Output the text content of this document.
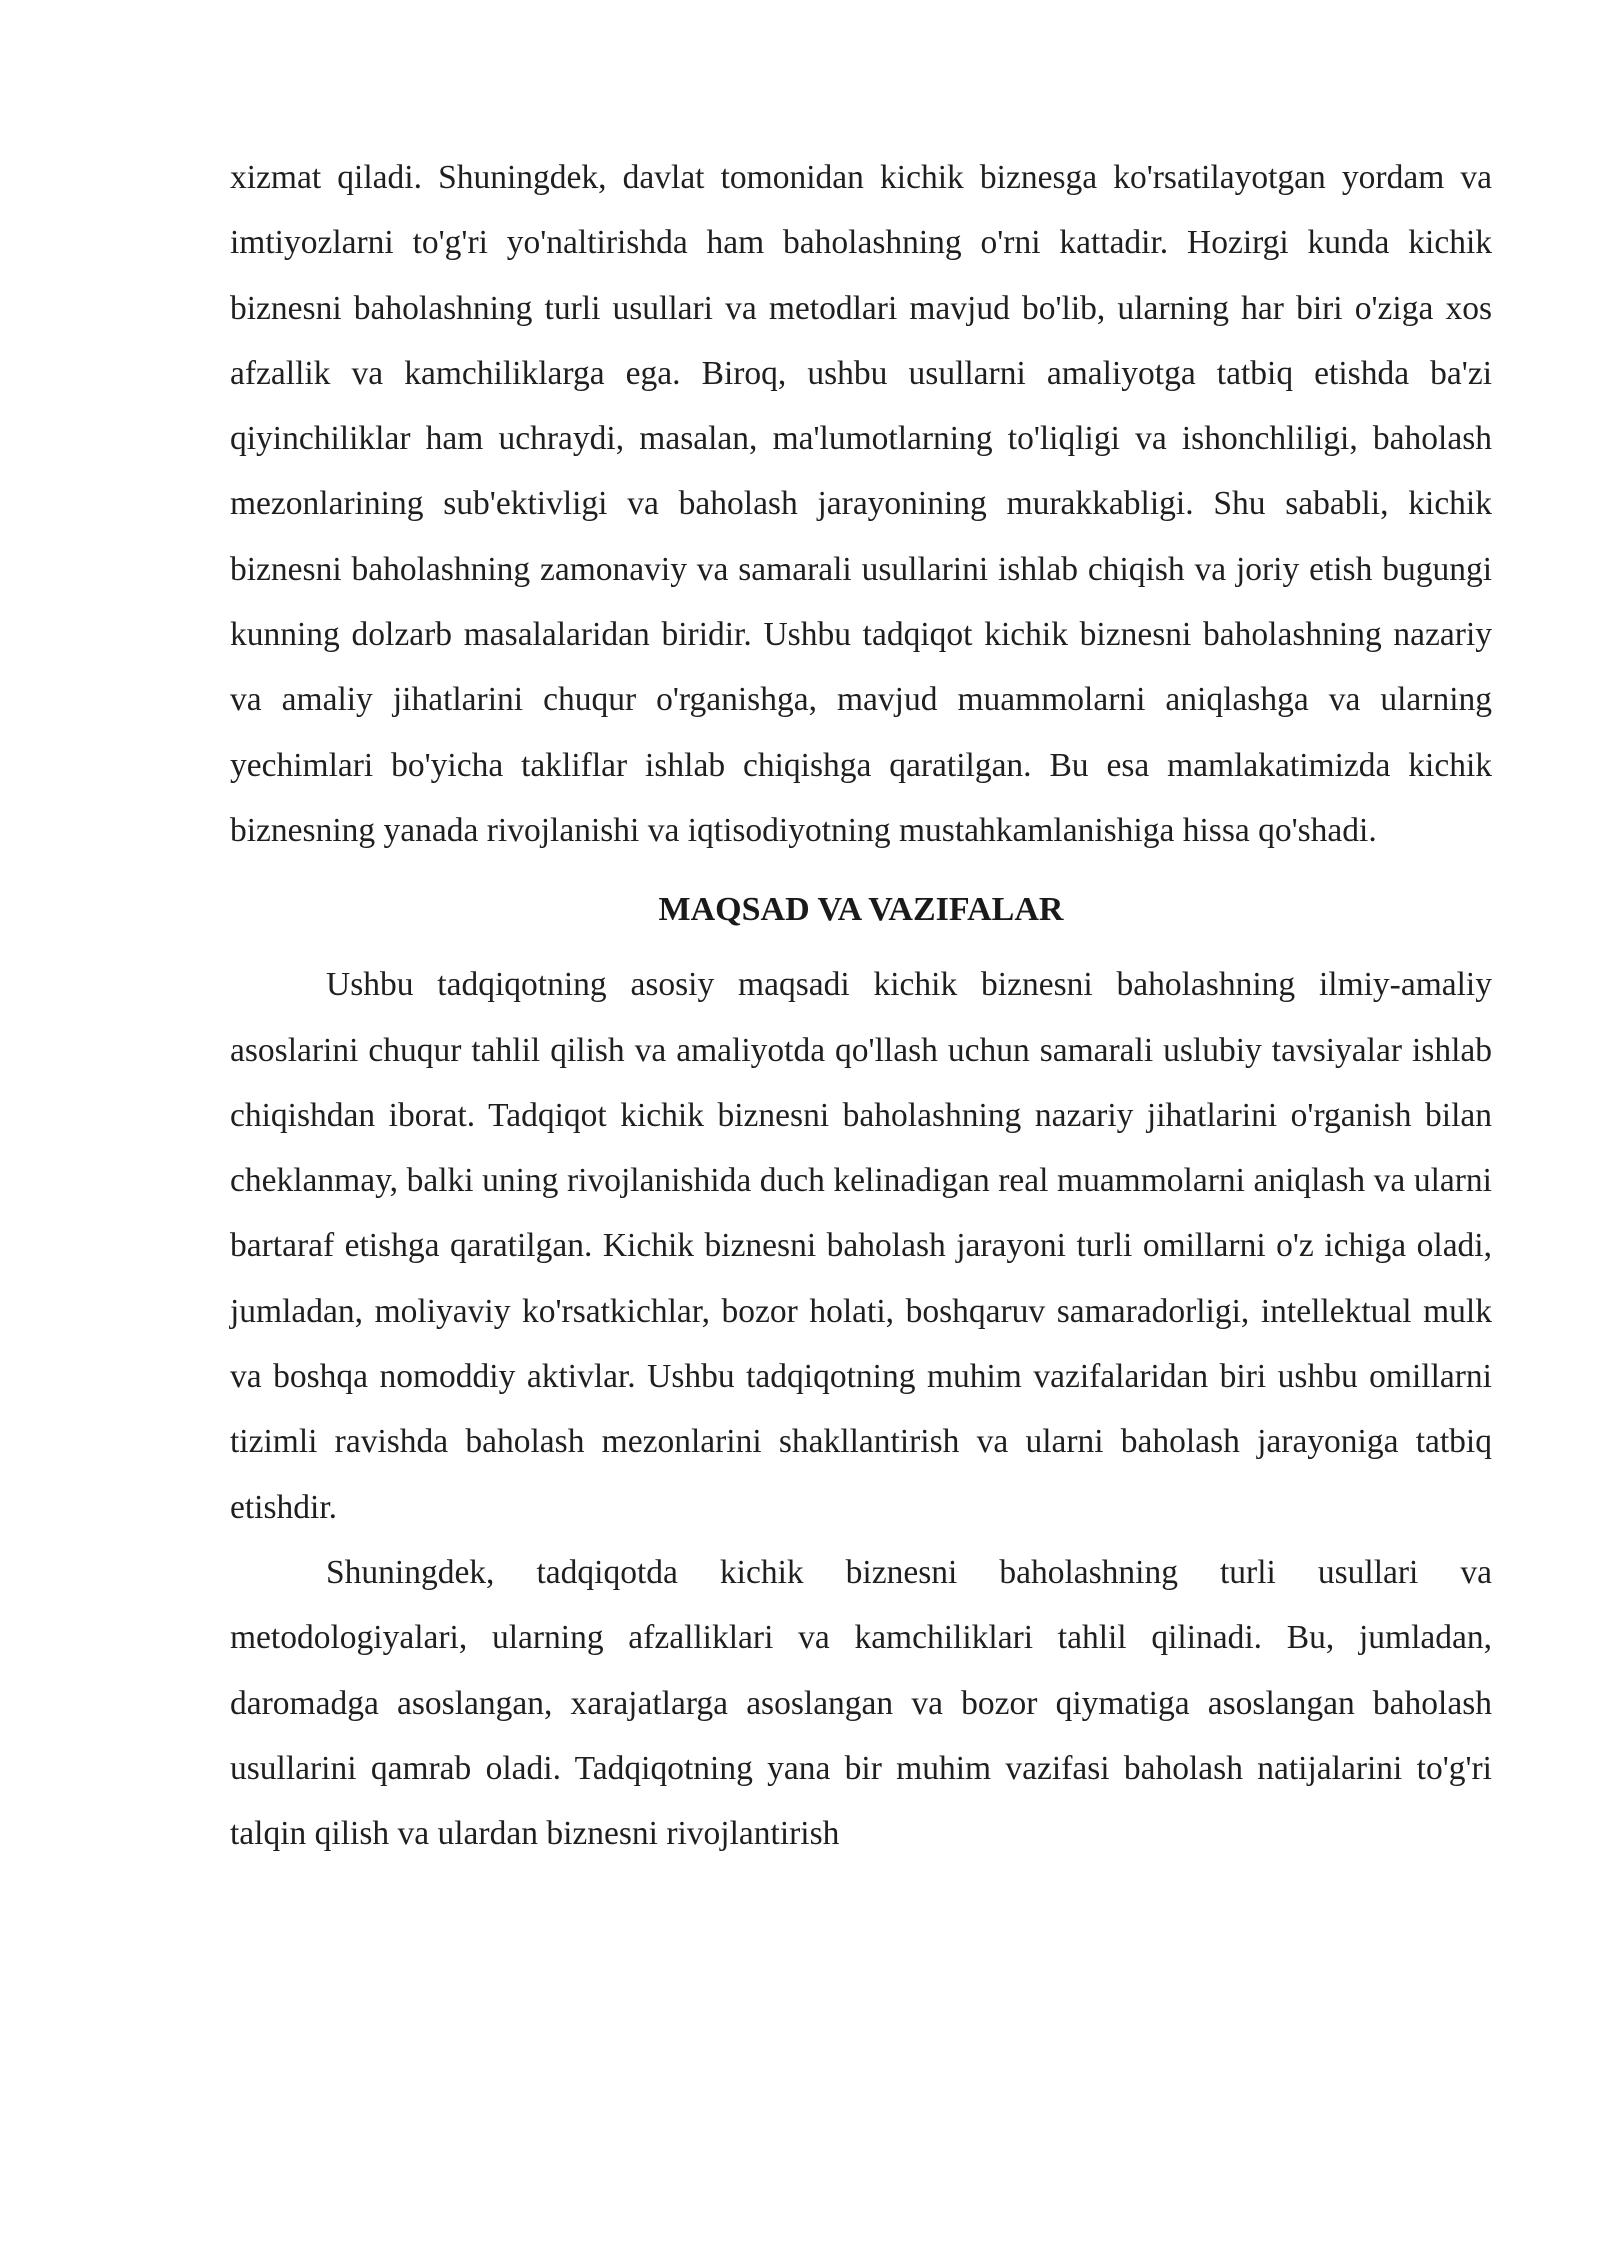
xizmat qiladi. Shuningdek, davlat tomonidan kichik biznesga ko'rsatilayotgan yordam va imtiyozlarni to'g'ri yo'naltirishda ham baholashning o'rni kattadir. Hozirgi kunda kichik biznesni baholashning turli usullari va metodlari mavjud bo'lib, ularning har biri o'ziga xos afzallik va kamchiliklarga ega. Biroq, ushbu usullarni amaliyotga tatbiq etishda ba'zi qiyinchiliklar ham uchraydi, masalan, ma'lumotlarning to'liqligi va ishonchliligi, baholash mezonlarining sub'ektivligi va baholash jarayonining murakkabligi. Shu sababli, kichik biznesni baholashning zamonaviy va samarali usullarini ishlab chiqish va joriy etish bugungi kunning dolzarb masalalaridan biridir. Ushbu tadqiqot kichik biznesni baholashning nazariy va amaliy jihatlarini chuqur o'rganishga, mavjud muammolarni aniqlashga va ularning yechimlari bo'yicha takliflar ishlab chiqishga qaratilgan. Bu esa mamlakatimizda kichik biznesning yanada rivojlanishi va iqtisodiyotning mustahkamlanishiga hissa qo'shadi.

MAQSAD VA VAZIFALAR

Ushbu tadqiqotning asosiy maqsadi kichik biznesni baholashning ilmiy-amaliy asoslarini chuqur tahlil qilish va amaliyotda qo'llash uchun samarali uslubiy tavsiyalar ishlab chiqishdan iborat. Tadqiqot kichik biznesni baholashning nazariy jihatlarini o'rganish bilan cheklanmay, balki uning rivojlanishida duch kelinadigan real muammolarni aniqlash va ularni bartaraf etishga qaratilgan. Kichik biznesni baholash jarayoni turli omillarni o'z ichiga oladi, jumladan, moliyaviy ko'rsatkichlar, bozor holati, boshqaruv samaradorligi, intellektual mulk va boshqa nomoddiy aktivlar. Ushbu tadqiqotning muhim vazifalaridan biri ushbu omillarni tizimli ravishda baholash mezonlarini shakllantirish va ularni baholash jarayoniga tatbiq etishdir.

Shuningdek, tadqiqotda kichik biznesni baholashning turli usullari va metodologiyalari, ularning afzalliklari va kamchiliklari tahlil qilinadi. Bu, jumladan, daromadga asoslangan, xarajatlarga asoslangan va bozor qiymatiga asoslangan baholash usullarini qamrab oladi. Tadqiqotning yana bir muhim vazifasi baholash natijalarini to'g'ri talqin qilish va ulardan biznesni rivojlantirish
